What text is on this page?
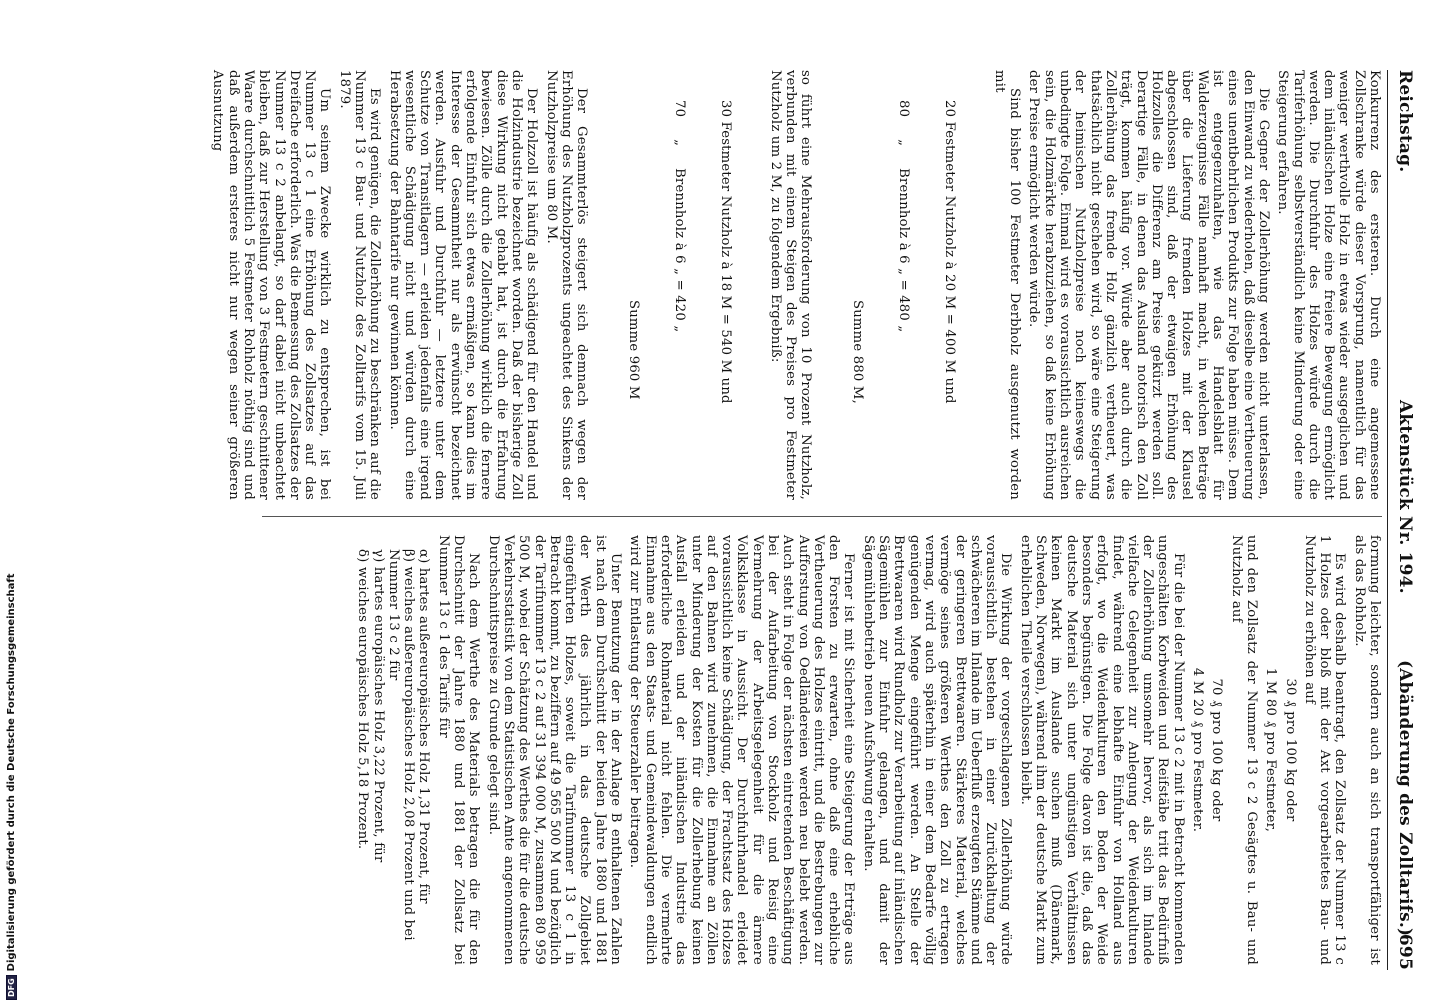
Reichstag.
Aktenstück Nr. 194.
(Abänderung des Zolltarifs.)
695

Konkurrenz des ersteren. Durch eine angemessene Zollschranke würde dieser Vorsprung, namentlich für das weniger werthvolle Holz in etwas wieder ausgeglichen und dem inländischen Holze eine freiere Bewegung ermöglicht werden. Die Durchfuhr des Holzes würde durch die Tariferhöhung selbstverständlich keine Minderung oder eine Steigerung erfahren.

Die Gegner der Zollerhöhung werden nicht unterlassen, den Einwand zu wiederholen, daß dieselbe eine Vertheuerung eines unentbehrlichen Produkts zur Folge haben müsse. Dem ist entgegenzuhalten, wie das Handelsblatt für Walderzeugnisse Fälle namhaft macht, in welchen Beträge über die Lieferung fremden Holzes mit der Klausel abgeschlossen sind, daß der etwaigen Erhöhung des Holzzolles die Differenz am Preise gekürzt werden soll. Derartige Fälle, in denen das Ausland notorisch den Zoll trägt, kommen häufig vor. Würde aber auch durch die Zollerhöhung das fremde Holz gänzlich vertheuert, was thatsächlich nicht geschehen wird, so wäre eine Steigerung der heimischen Nutzholzpreise noch keineswegs die unbedingte Folge. Einmal wird es voraussichtlich ausreichen sein, die Holzmärkte herabzuziehen, so daß keine Erhöhung der Preise ermöglicht werden würde.

Sind bisher 100 Festmeter Derbholz ausgenutzt worden mit

20 Festmeter Nutzholz à 20 M = 400 M und

80     „     Brennholz à 6 „ = 480 „

Summe 880 M,

so führt eine Mehrausforderung von 10 Prozent Nutzholz, verbunden mit einem Steigen des Preises pro Festmeter Nutzholz um 2 M, zu folgendem Ergebniß:

30 Festmeter Nutzholz à 18 M = 540 M und

70     „     Brennholz à 6 „ = 420 „

Summe 960 M

Der Gesammterlös steigert sich demnach wegen der Erhöhung des Nutzholzprozents ungeachtet des Sinkens der Nutzholzpreise um 80 M.

Der Holzzoll ist häufig als schädigend für den Handel und die Holzindustrie bezeichnet worden. Daß der bisherige Zoll diese Wirkung nicht gehabt hat, ist durch die Erfahrung bewiesen. Zölle durch die Zollerhöhung wirklich die fernere erfolgende Einfuhr sich etwas ermäßigen, so kann dies im Interesse der Gesammtheit nur als erwünscht bezeichnet werden. Ausfuhr und Durchfuhr — letztere unter dem Schutze von Transitlagern — erleiden jedenfalls eine irgend wesentliche Schädigung nicht und würden durch eine Herabsetzung der Bahntarife nur gewinnen können.

Es wird genügen, die Zollerhöhung zu beschränken auf die Nummer 13 c Bau- und Nutzholz des Zolltarifs vom 15. Juli 1879.

Um seinem Zwecke wirklich zu entsprechen, ist bei Nummer 13 c 1 eine Erhöhung des Zollsatzes auf das Dreifache erforderlich. Was die Bemessung des Zollsatzes der Nummer 13 c 2 anbelangt, so darf dabei nicht unbeachtet bleiben, daß zur Herstellung von 3 Festmetern geschnittener Waare durchschnittlich 5 Festmeter Rohholz nöthig sind und daß außerdem ersteres nicht nur wegen seiner größeren Ausnutzung

formung leichter, sondern auch an sich transportfähiger ist als das Rohholz.

Es wird deshalb beantragt, den Zollsatz der Nummer 13 c 1 Holzes oder bloß mit der Axt vorgearbeitetes Bau- und Nutzholz zu erhöhen auf

30 ₰ pro 100 kg oder

1 M 80 ₰ pro Festmeter,

und den Zollsatz der Nummer 13 c 2 Gesägtes u. Bau- und Nutzholz auf

70 ₰ pro 100 kg oder

4 M 20 ₰ pro Festmeter.

Für die bei der Nummer 13 c 2 mit in Betracht kommenden ungeschälten Korbweiden und Reifstäbe tritt das Bedürfniß der Zollerhöhung umsomehr hervor, als sich im Inlande vielfache Gelegenheit zur Anlegung der Weidenkulturen findet, während eine lebhafte Einfuhr von Holland aus erfolgt, wo die Weidenkulturen den Boden der Weide besonders begünstigen. Die Folge davon ist die, daß das deutsche Material sich unter ungünstigen Verhältnissen keinen Markt im Auslande suchen muß (Dänemark, Schweden, Norwegen), während ihm der deutsche Markt zum erheblichen Theile verschlossen bleibt.

Die Wirkung der vorgeschlagenen Zollerhöhung würde voraussichtlich bestehen in einer Zurückhaltung der schwächeren im Inlande im Ueberfluß erzeugten Stämme und der geringeren Brettwaaren. Stärkeres Material, welches vermöge seines größeren Werthes den Zoll zu ertragen vermag, wird auch späterhin in einer dem Bedarfe völlig genügenden Menge eingeführt werden. An Stelle der Brettwaaren wird Rundholz zur Verarbeitung auf inländischen Sägemühlen zur Einfuhr gelangen, und damit der Sägemühlenbetrieb neuen Aufschwung erhalten.

Ferner ist mit Sicherheit eine Steigerung der Erträge aus den Forsten zu erwarten, ohne daß eine erhebliche Vertheuerung des Holzes eintritt, und die Bestrebungen zur Aufforstung von Oedländereien werden neu belebt werden. Auch steht in Folge der nächsten eintretenden Beschäftigung bei der Aufarbeitung von Stockholz und Reisig eine Vermehrung der Arbeitsgelegenheit für die ärmere Volksklasse in Aussicht. Der Durchfuhrhandel erleidet voraussichtlich keine Schädigung, der Frachtsatz des Holzes auf den Bahnen wird zunehmen, die Einnahme an Zöllen unter Minderung der Kosten für die Zollerhebung keinen Ausfall erleiden und der inländischen Industrie das erforderliche Rohmaterial nicht fehlen. Die vermehrte Einnahme aus den Staats- und Gemeindewaldungen endlich wird zur Entlastung der Steuerzahler beitragen.

Unter Benutzung der in der Anlage B enthaltenen Zahlen ist nach dem Durchschnitt der beiden Jahre 1880 und 1881 der Werth des jährlich in das deutsche Zollgebiet eingeführten Holzes, soweit die Tarifnummer 13 c 1 in Betracht kommt, zu beziffern auf 49 565 500 M und bezüglich der Tarifnummer 13 c 2 auf 31 394 000 M, zusammen 80 959 500 M, wobei der Schätzung des Werthes die für die deutsche Verkehrsstatistik von dem Statistischen Amte angenommenen Durchschnittspreise zu Grunde gelegt sind.

Nach dem Werthe des Materials betragen die für den Durchschnitt der Jahre 1880 und 1881 der Zollsatz bei Nummer 13 c 1 des Tarifs für

α) hartes außereuropäisches Holz 1,31 Prozent, für
β) weiches außereuropäisches Holz 2,08 Prozent und bei Nummer 13 c 2 für
γ) hartes europäisches Holz 3,22 Prozent, für
δ) weiches europäisches Holz 5,18 Prozent.
DFGDigitalisierung gefördert durch die Deutsche Forschungsgemeinschaft
